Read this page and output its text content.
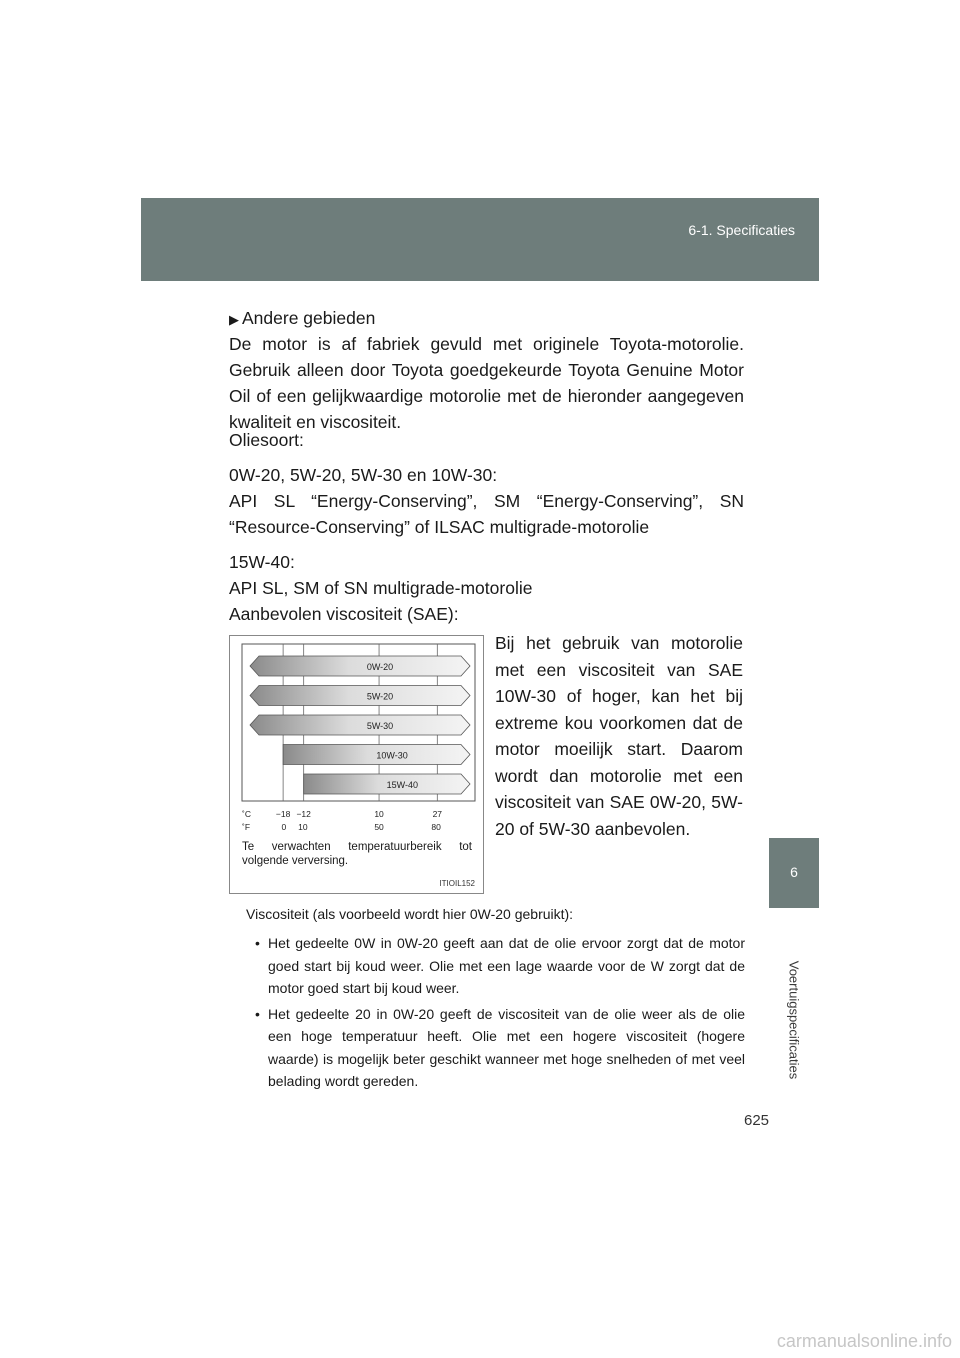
6-1. Specificaties
6
Voertuigspecificaties
▶ Andere gebieden

De motor is af fabriek gevuld met originele Toyota-motorolie. Gebruik alleen door Toyota goedgekeurde Toyota Genuine Motor Oil of een gelijkwaardige motorolie met de hieronder aangegeven kwaliteit en viscositeit.

Oliesoort:

0W-20, 5W-20, 5W-30 en 10W-30:

API SL “Energy-Conserving”, SM “Energy-Conserving”, SN

“Resource-Conserving” of ILSAC multigrade-motorolie

15W-40:

API SL, SM of SN multigrade-motorolie

Aanbevolen viscositeit (SAE):

0W-20
5W-20
5W-30
10W-30
15W-40
˚C
˚F
−18 −12	10	27
0 10	50	80
Te verwachten temperatuurbereik tot volgende verversing.
ITIOIL152

Bij het gebruik van motorolie met een viscositeit van SAE 10W-30 of hoger, kan het bij extreme kou voorkomen dat de motor moeilijk start. Daarom wordt dan motorolie met een viscositeit van SAE 0W-20, 5W-20 of 5W-30 aanbevolen.

Viscositeit (als voorbeeld wordt hier 0W-20 gebruikt):

• Het gedeelte 0W in 0W-20 geeft aan dat de olie ervoor zorgt dat de motor goed start bij koud weer. Olie met een lage waarde voor de W zorgt dat de motor goed start bij koud weer.
• Het gedeelte 20 in 0W-20 geeft de viscositeit van de olie weer als de olie een hoge temperatuur heeft. Olie met een hogere viscositeit (hogere waarde) is mogelijk beter geschikt wanneer met hoge snelheden of met veel belading wordt gereden.
625
carmanualsonline.info
